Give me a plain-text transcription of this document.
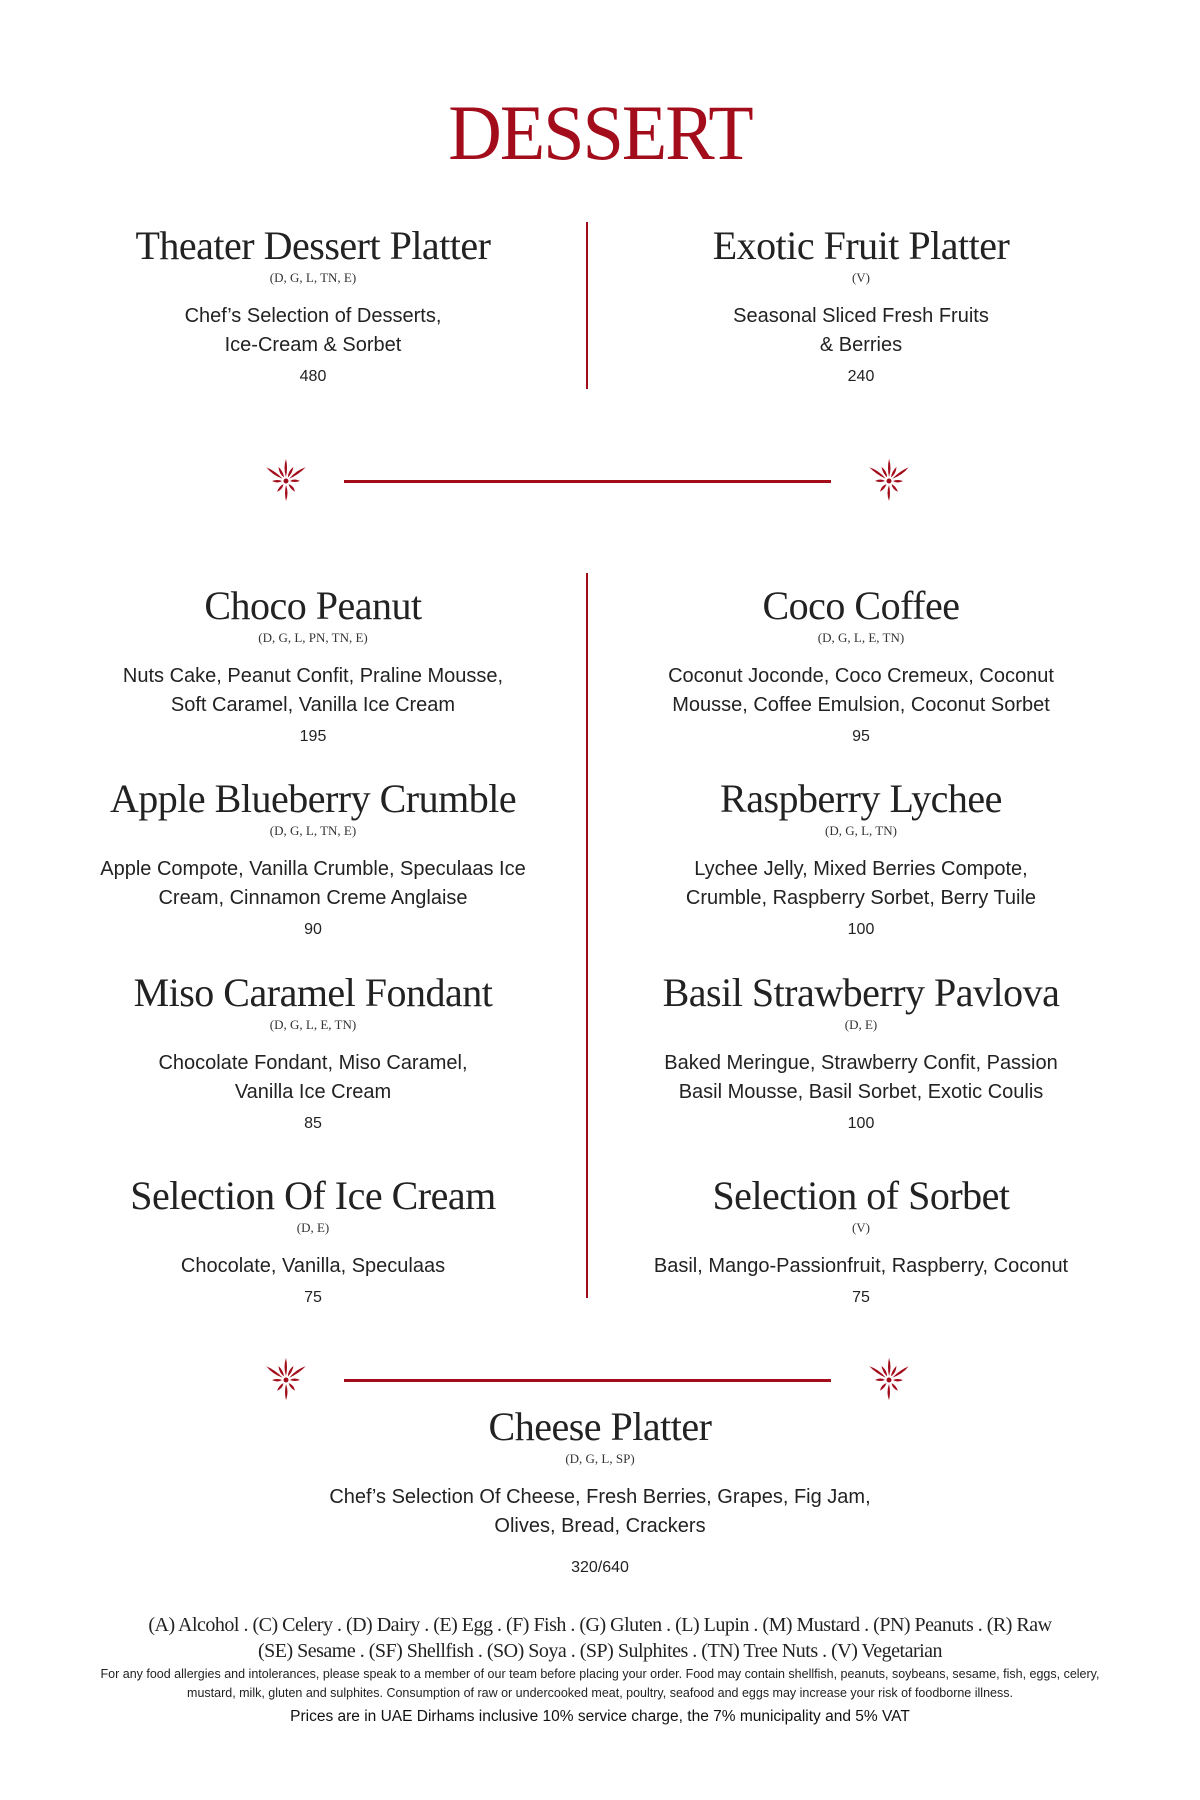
DESSERT
Theater Dessert Platter
(D, G, L, TN, E)
Chef’s Selection of Desserts,
Ice-Cream & Sorbet
480
Exotic Fruit Platter
(V)
Seasonal Sliced Fresh Fruits
& Berries
240
Choco Peanut
(D, G, L, PN, TN, E)
Nuts Cake, Peanut Confit, Praline Mousse,
Soft Caramel, Vanilla Ice Cream
195
Apple Blueberry Crumble
(D, G, L, TN, E)
Apple Compote, Vanilla Crumble, Speculaas Ice
Cream, Cinnamon Creme Anglaise
90
Miso Caramel Fondant
(D, G, L, E, TN)
Chocolate Fondant, Miso Caramel,
Vanilla Ice Cream
85
Selection Of Ice Cream
(D, E)
Chocolate, Vanilla, Speculaas
75
Coco Coffee
(D, G, L, E, TN)
Coconut Joconde, Coco Cremeux, Coconut
Mousse, Coffee Emulsion, Coconut Sorbet
95
Raspberry Lychee
(D, G, L, TN)
Lychee Jelly, Mixed Berries Compote,
Crumble, Raspberry Sorbet, Berry Tuile
100
Basil Strawberry Pavlova
(D, E)
Baked Meringue, Strawberry Confit, Passion
Basil Mousse, Basil Sorbet, Exotic Coulis
100
Selection of Sorbet
(V)
Basil, Mango-Passionfruit, Raspberry, Coconut
75
Cheese Platter
(D, G, L, SP)
Chef’s Selection Of Cheese, Fresh Berries, Grapes, Fig Jam,
Olives, Bread, Crackers
320/640
(A) Alcohol . (C) Celery . (D) Dairy . (E) Egg . (F) Fish . (G) Gluten . (L) Lupin . (M) Mustard . (PN) Peanuts . (R) Raw
(SE) Sesame . (SF) Shellfish . (SO) Soya . (SP) Sulphites . (TN) Tree Nuts . (V) Vegetarian
For any food allergies and intolerances, please speak to a member of our team before placing your order. Food may contain shellfish, peanuts, soybeans, sesame, fish, eggs, celery,
mustard, milk, gluten and sulphites. Consumption of raw or undercooked meat, poultry, seafood and eggs may increase your risk of foodborne illness.
Prices are in UAE Dirhams inclusive 10% service charge, the 7% municipality and 5% VAT
